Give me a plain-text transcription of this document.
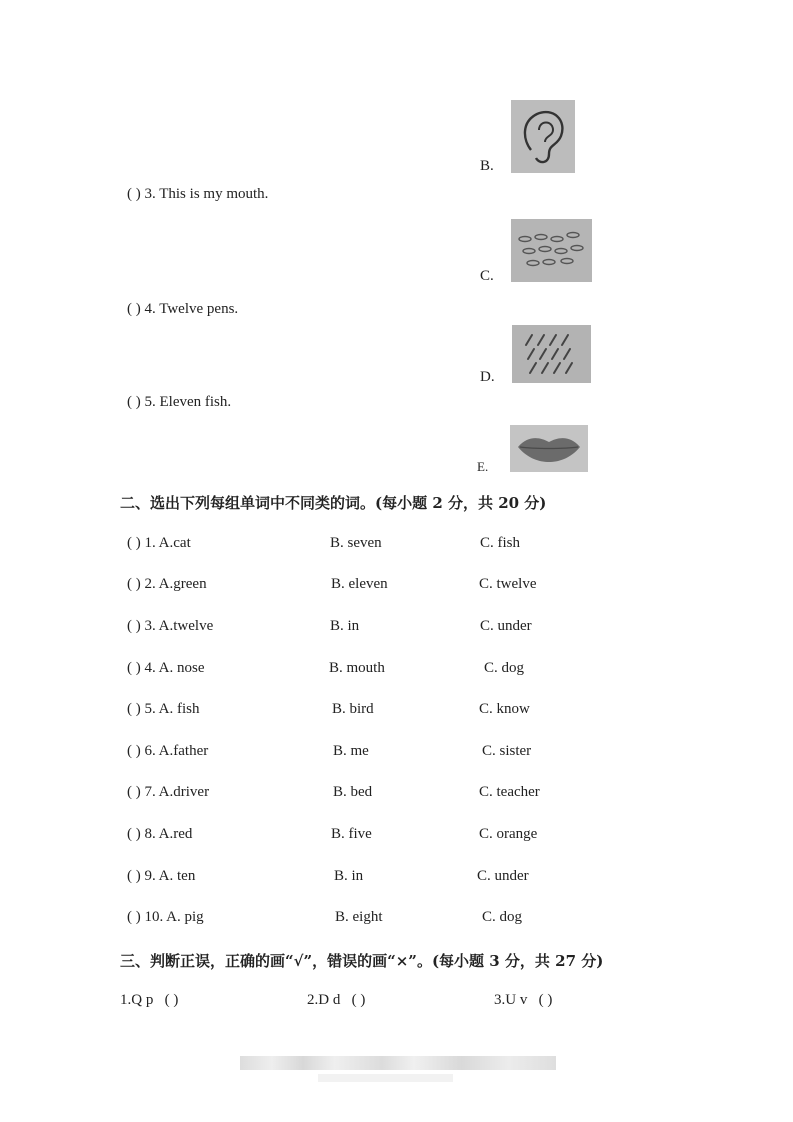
B.
( ) 3. This is my mouth.
C.
( ) 4. Twelve pens.
D.
( ) 5. Eleven fish.
E.
二、选出下列每组单词中不同类的词。(每小题 2 分，共 20 分)
( ) 1. A.cat	B. seven	C. fish
( ) 2. A.green	B. eleven	C. twelve
( ) 3. A.twelve	B. in	C. under
( ) 4. A. nose	B. mouth	C. dog
( ) 5. A. fish	B. bird	C. know
( ) 6. A.father	B. me	C. sister
( ) 7. A.driver	B. bed	C. teacher
( ) 8. A.red	B. five	C. orange
( ) 9. A. ten	B. in	C. under
( ) 10. A. pig	B. eight	C. dog
三、判断正误，正确的画“√”，错误的画“×”。(每小题 3 分，共 27 分)
1.Q p ( )	2.D d ( )	3.U v ( )
